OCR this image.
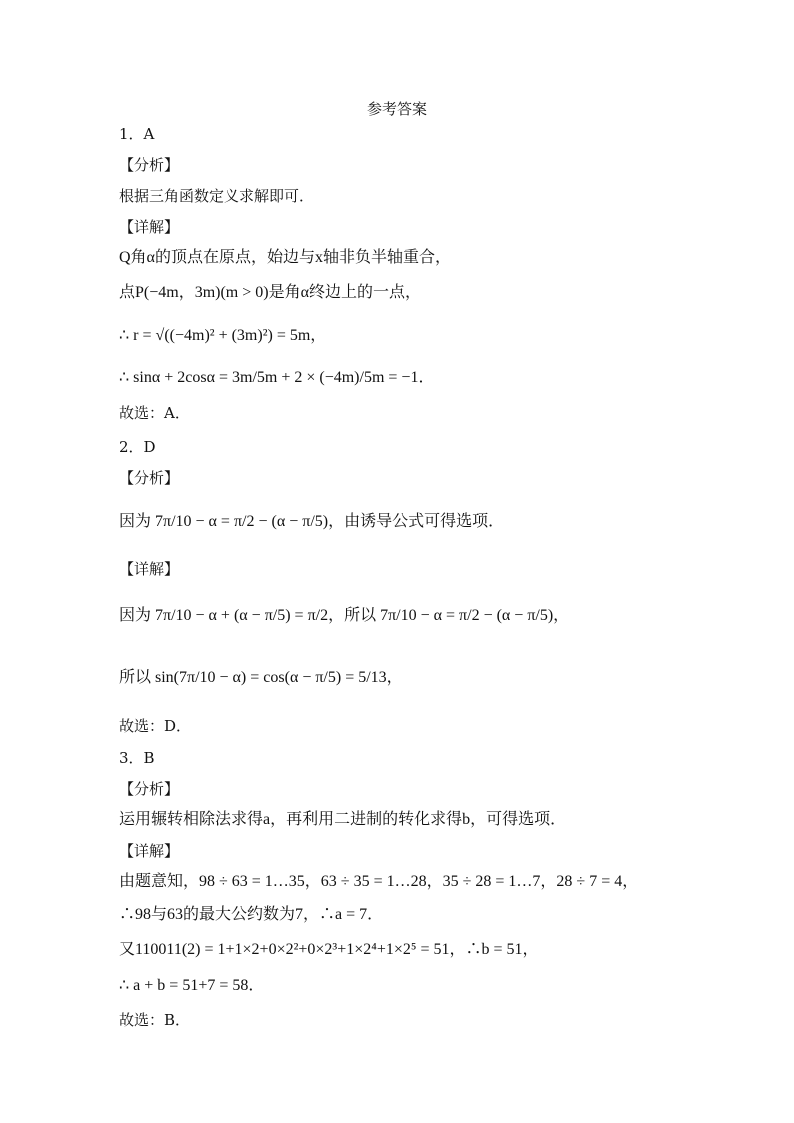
参考答案
1．A
【分析】
根据三角函数定义求解即可．
【详解】
Q角α的顶点在原点，始边与x轴非负半轴重合，
点P(−4m，3m)(m > 0)是角α终边上的一点，
∴ r = √((−4m)² + (3m)²) = 5m，
∴ sinα + 2cosα = 3m/5m + 2 × (−4m)/5m = −1．
故选：A．
2．D
【分析】
因为 7π/10 − α = π/2 − (α − π/5)，由诱导公式可得选项．
【详解】
因为 7π/10 − α + (α − π/5) = π/2，所以 7π/10 − α = π/2 − (α − π/5)，
所以 sin(7π/10 − α) = cos(α − π/5) = 5/13，
故选：D．
3．B
【分析】
运用辗转相除法求得a，再利用二进制的转化求得b，可得选项．
【详解】
由题意知，98 ÷ 63 = 1…35，63 ÷ 35 = 1…28，35 ÷ 28 = 1…7，28 ÷ 7 = 4，
∴98与63的最大公约数为7，∴a = 7．
又110011(2) = 1+1×2+0×2²+0×2³+1×2⁴+1×2⁵ = 51，∴b = 51，
∴ a + b = 51+7 = 58．
故选：B．
